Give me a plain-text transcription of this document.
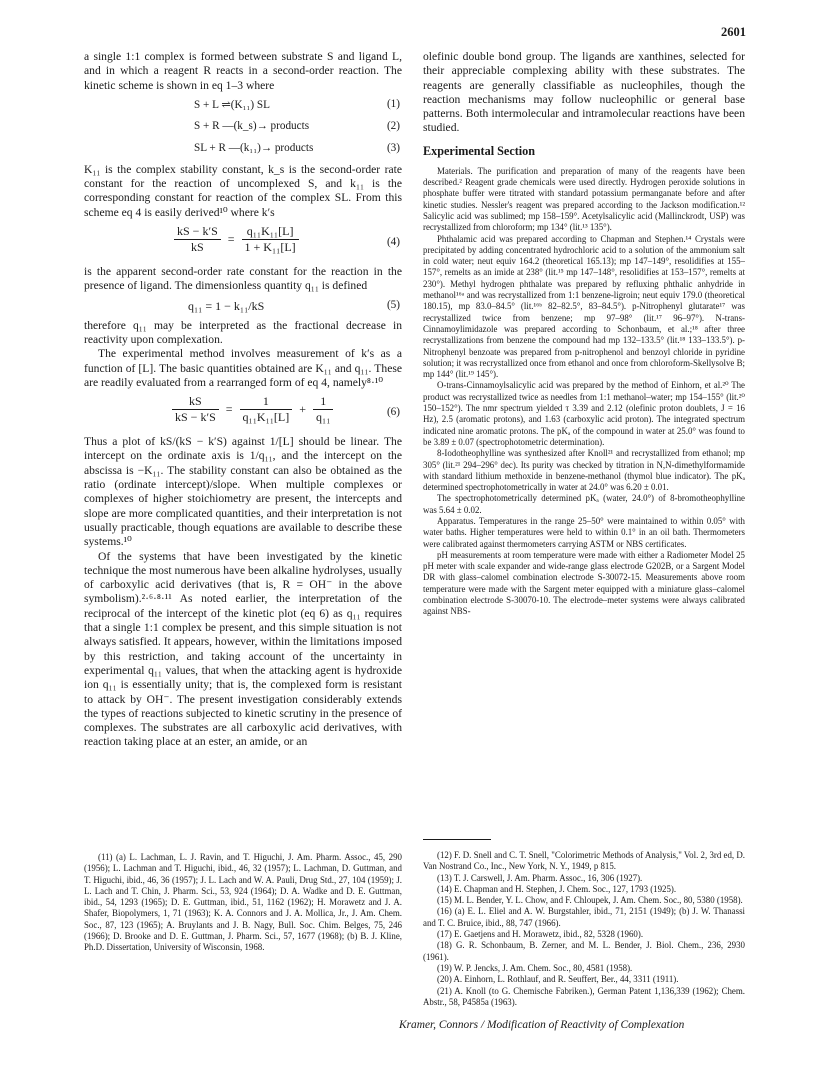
2601

a single 1:1 complex is formed between substrate S and ligand L, and in which a reagent R reacts in a second-order reaction. The kinetic scheme is shown in eq 1–3 where

S + L ⇌(K₁₁) SL	(1)
S + R —(k_s)→ products	(2)
SL + R —(k₁₁)→ products	(3)

K₁₁ is the complex stability constant, k_s is the second-order rate constant for the reaction of uncomplexed S, and k₁₁ is the corresponding constant for reaction of the complex SL. From this scheme eq 4 is easily derived¹⁰ where k′s

$\frac{kS - k'S}{kS} = \frac{\text{q₁₁K₁₁[L]}}{\text{1 + K₁₁[L]}}$	(4)

is the apparent second-order rate constant for the reaction in the presence of ligand. The dimensionless quantity q₁₁ is defined

q₁₁ = 1 − k₁₁/kS	(5)

therefore q₁₁ may be interpreted as the fractional decrease in reactivity upon complexation.

The experimental method involves measurement of k′s as a function of [L]. The basic quantities obtained are K₁₁ and q₁₁. These are readily evaluated from a rearranged form of eq 4, namely⁸·¹⁰

$\frac{kS}{kS - k'S} = \frac{1}{\text{q₁₁K₁₁[L]}} + \frac{1}{\text{q₁₁}}$	(6)

Thus a plot of kS/(kS − k′S) against 1/[L] should be linear. The intercept on the ordinate axis is 1/q₁₁, and the intercept on the abscissa is −K₁₁. The stability constant can also be obtained as the ratio (ordinate intercept)/slope. When multiple complexes or complexes of higher stoichiometry are present, the intercepts and slope are more complicated quantities, and their interpretation is not usually practicable, though equations are available to describe these systems.¹⁰

Of the systems that have been investigated by the kinetic technique the most numerous have been alkaline hydrolyses, usually of carboxylic acid derivatives (that is, R = OH⁻ in the above symbolism).²·⁶·⁸·¹¹ As noted earlier, the interpretation of the reciprocal of the intercept of the kinetic plot (eq 6) as q₁₁ requires that a single 1:1 complex be present, and this simple situation is not always satisfied. It appears, however, within the limitations imposed by this restriction, and taking account of the uncertainty in experimental q₁₁ values, that when the attacking agent is hydroxide ion q₁₁ is essentially unity; that is, the complexed form is resistant to attack by OH⁻. The present investigation considerably extends the types of reactions subjected to kinetic scrutiny in the presence of complexes. The substrates are all carboxylic acid derivatives, with reaction taking place at an ester, an amide, or an

(11) (a) L. Lachman, L. J. Ravin, and T. Higuchi, J. Am. Pharm. Assoc., 45, 290 (1956); L. Lachman and T. Higuchi, ibid., 46, 32 (1957); L. Lachman, D. Guttman, and T. Higuchi, ibid., 46, 36 (1957); J. L. Lach and W. A. Pauli, Drug Std., 27, 104 (1959); J. L. Lach and T. Chin, J. Pharm. Sci., 53, 924 (1964); D. A. Wadke and D. E. Guttman, ibid., 54, 1293 (1965); D. E. Guttman, ibid., 51, 1162 (1962); H. Morawetz and J. A. Shafer, Biopolymers, 1, 71 (1963); K. A. Connors and J. A. Mollica, Jr., J. Am. Chem. Soc., 87, 123 (1965); A. Bruylants and J. B. Nagy, Bull. Soc. Chim. Belges, 75, 246 (1966); D. Brooke and D. E. Guttman, J. Pharm. Sci., 57, 1677 (1968); (b) B. J. Kline, Ph.D. Dissertation, University of Wisconsin, 1968.

olefinic double bond group. The ligands are xanthines, selected for their appreciable complexing ability with these substrates. The reagents are generally classifiable as nucleophiles, though the reaction mechanisms may follow nucleophilic or general base patterns. Both intermolecular and intramolecular reactions have been studied.

Experimental Section

Materials. The purification and preparation of many of the reagents have been described.² Reagent grade chemicals were used directly. Hydrogen peroxide solutions in phosphate buffer were titrated with standard potassium permanganate before and after kinetic studies. Nessler's reagent was prepared according to the Jackson modification.¹² Salicylic acid was sublimed; mp 158–159°. Acetylsalicylic acid (Mallinckrodt, USP) was recrystallized from chloroform; mp 134° (lit.¹³ 135°).

Phthalamic acid was prepared according to Chapman and Stephen.¹⁴ Crystals were precipitated by adding concentrated hydrochloric acid to a solution of the ammonium salt in cold water; neut equiv 164.2 (theoretical 165.13); mp 147–149°, resolidifies at 155–157°, remelts as an imide at 238° (lit.¹⁵ mp 147–148°, resolidifies at 153–157°, remelts at 230°). Methyl hydrogen phthalate was prepared by refluxing phthalic anhydride in methanol¹⁶ᵃ and was recrystallized from 1:1 benzene-ligroin; neut equiv 179.0 (theoretical 180.15), mp 83.0–84.5° (lit.¹⁶ᵇ 82–82.5°, 83–84.5°). p-Nitrophenyl glutarate¹⁷ was recrystallized twice from benzene; mp 97–98° (lit.¹⁷ 96–97°). N-trans-Cinnamoylimidazole was prepared according to Schonbaum, et al.;¹⁸ after three recrystallizations from benzene the compound had mp 132–133.5° (lit.¹⁸ 133–133.5°). p-Nitrophenyl benzoate was prepared from p-nitrophenol and benzoyl chloride in pyridine solution; it was recrystallized once from ethanol and once from chloroform-Skellysolve B; mp 144° (lit.¹⁹ 145°).

O-trans-Cinnamoylsalicylic acid was prepared by the method of Einhorn, et al.²⁰ The product was recrystallized twice as needles from 1:1 methanol–water; mp 154–155° (lit.²⁰ 150–152°). The nmr spectrum yielded τ 3.39 and 2.12 (olefinic proton doublets, J = 16 Hz), 2.5 (aromatic protons), and 1.63 (carboxylic acid proton). The integrated spectrum indicated nine aromatic protons. The pKₐ of the compound in water at 25.0° was found to be 3.89 ± 0.07 (spectrophotometric determination).

8-Iodotheophylline was synthesized after Knoll²¹ and recrystallized from ethanol; mp 305° (lit.²¹ 294–296° dec). Its purity was checked by titration in N,N-dimethylformamide with standard lithium methoxide in benzene-methanol (thymol blue indicator). The pKₐ determined spectrophotometrically in water at 24.0° was 6.20 ± 0.01.

The spectrophotometrically determined pKₐ (water, 24.0°) of 8-bromotheophylline was 5.64 ± 0.02.

Apparatus. Temperatures in the range 25–50° were maintained to within 0.05° with water baths. Higher temperatures were held to within 0.1° in an oil bath. Thermometers were calibrated against thermometers carrying ASTM or NBS certificates.

pH measurements at room temperature were made with either a Radiometer Model 25 pH meter with scale expander and wide-range glass electrode G202B, or a Sargent Model DR with glass–calomel combination electrode S-30072-15. Measurements above room temperature were made with the Sargent meter equipped with a miniature glass–calomel combination electrode S-30070-10. The electrode–meter systems were always calibrated against NBS-

(12) F. D. Snell and C. T. Snell, "Colorimetric Methods of Analysis," Vol. 2, 3rd ed, D. Van Nostrand Co., Inc., New York, N. Y., 1949, p 815.

(13) T. J. Carswell, J. Am. Pharm. Assoc., 16, 306 (1927).

(14) E. Chapman and H. Stephen, J. Chem. Soc., 127, 1793 (1925).

(15) M. L. Bender, Y. L. Chow, and F. Chloupek, J. Am. Chem. Soc., 80, 5380 (1958).

(16) (a) E. L. Eliel and A. W. Burgstahler, ibid., 71, 2151 (1949); (b) J. W. Thanassi and T. C. Bruice, ibid., 88, 747 (1966).

(17) E. Gaetjens and H. Morawetz, ibid., 82, 5328 (1960).

(18) G. R. Schonbaum, B. Zerner, and M. L. Bender, J. Biol. Chem., 236, 2930 (1961).

(19) W. P. Jencks, J. Am. Chem. Soc., 80, 4581 (1958).

(20) A. Einhorn, L. Rothlauf, and R. Seuffert, Ber., 44, 3311 (1911).

(21) A. Knoll (to G. Chemische Fabriken.), German Patent 1,136,339 (1962); Chem. Abstr., 58, P4585a (1963).

Kramer, Connors / Modification of Reactivity of Complexation
